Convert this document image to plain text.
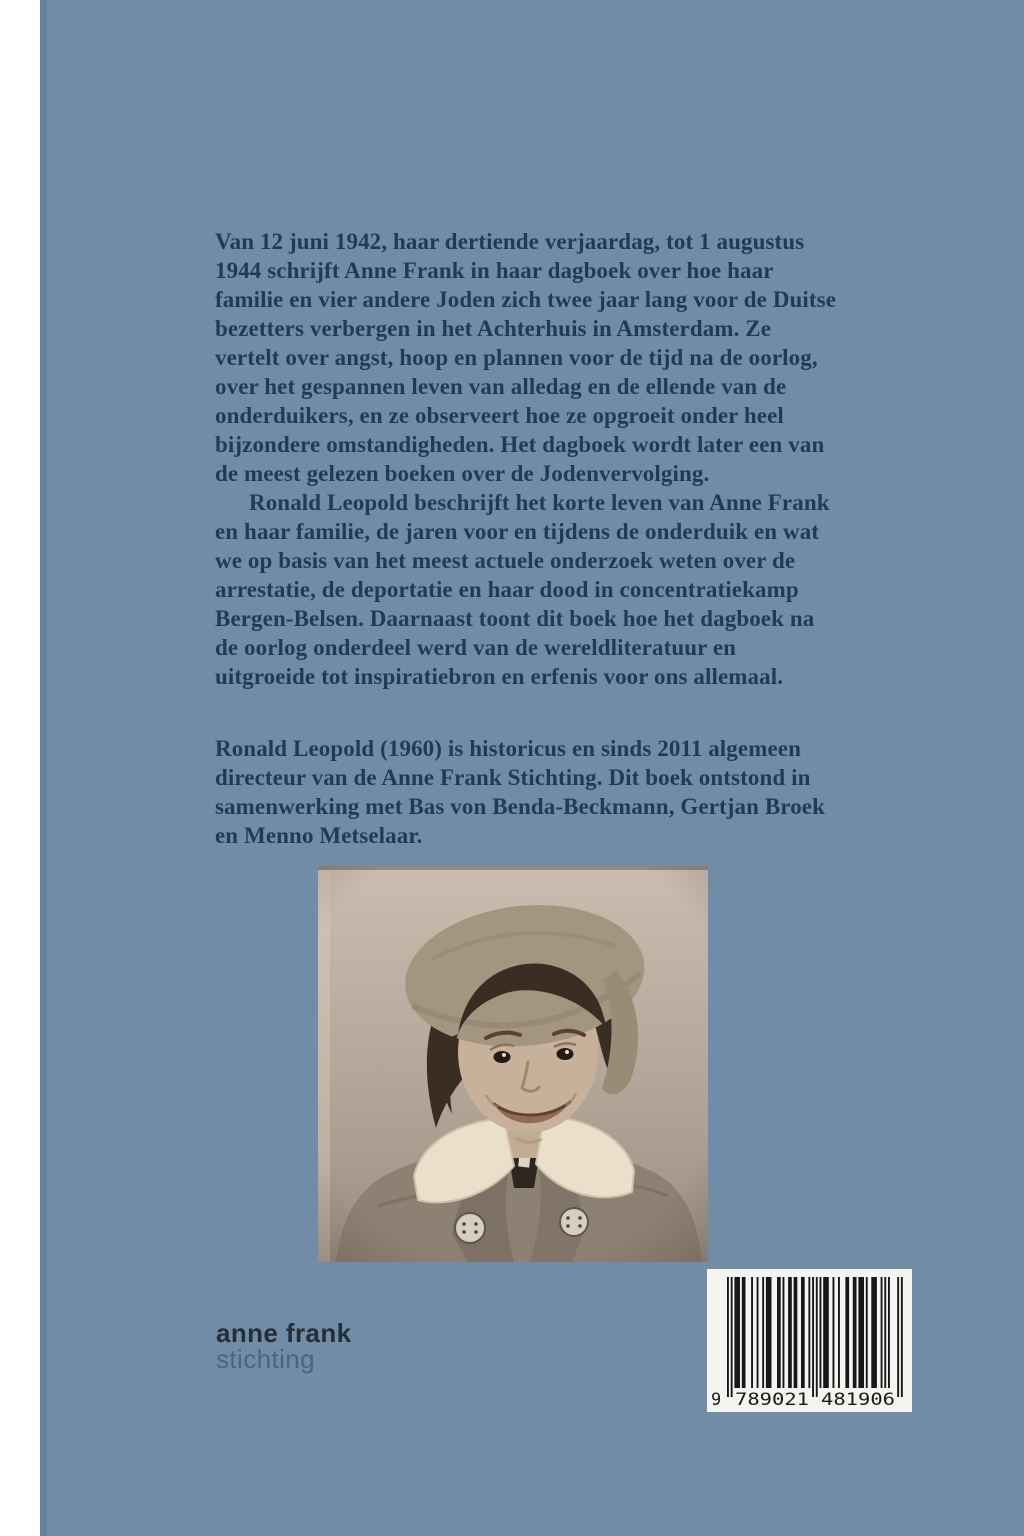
Van 12 juni 1942, haar dertiende verjaardag, tot 1 augustus 1944 schrijft Anne Frank in haar dagboek over hoe haar familie en vier andere Joden zich twee jaar lang voor de Duitse bezetters verbergen in het Achterhuis in Amsterdam. Ze vertelt over angst, hoop en plannen voor de tijd na de oorlog, over het gespannen leven van alledag en de ellende van de onderduikers, en ze observeert hoe ze opgroeit onder heel bijzondere omstandigheden. Het dagboek wordt later een van de meest gelezen boeken over de Jodenvervolging.

Ronald Leopold beschrijft het korte leven van Anne Frank en haar familie, de jaren voor en tijdens de onderduik en wat we op basis van het meest actuele onderzoek weten over de arrestatie, de deportatie en haar dood in concentratiekamp Bergen-Belsen. Daarnaast toont dit boek hoe het dagboek na de oorlog onderdeel werd van de wereldliteratuur en uitgroeide tot inspiratiebron en erfenis voor ons allemaal.

Ronald Leopold (1960) is historicus en sinds 2011 algemeen directeur van de Anne Frank Stichting. Dit boek ontstond in samenwerking met Bas von Benda-Beckmann, Gertjan Broek en Menno Metselaar.

anne frank
stichting
9 789021 481906
